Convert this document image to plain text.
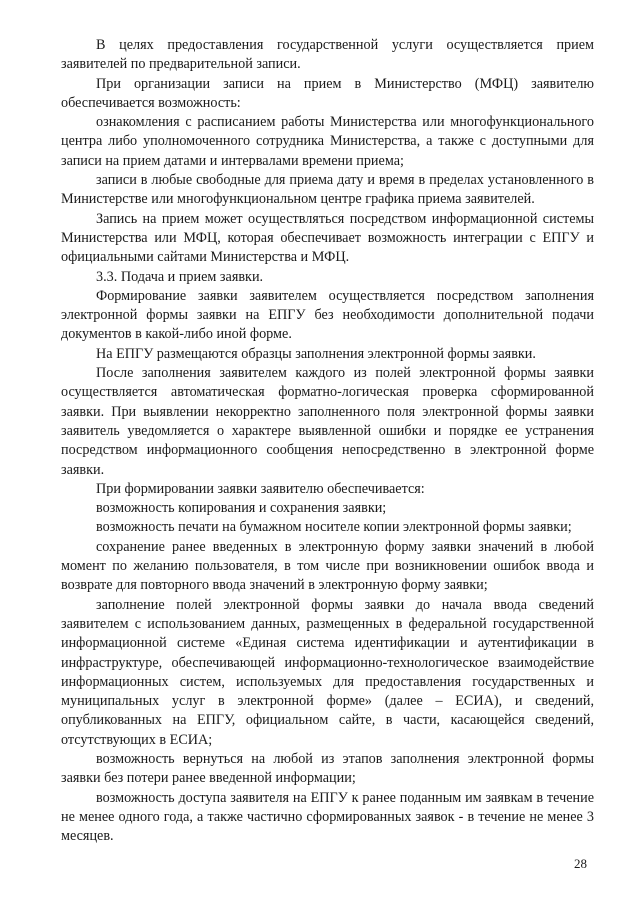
В целях предоставления государственной услуги осуществляется прием заявителей по предварительной записи.

При организации записи на прием в Министерство (МФЦ) заявителю обеспечивается возможность:

ознакомления с расписанием работы Министерства или многофункционального центра либо уполномоченного сотрудника Министерства, а также с доступными для записи на прием датами и интервалами времени приема;

записи в любые свободные для приема дату и время в пределах установленного в Министерстве или многофункциональном центре графика приема заявителей.

Запись на прием может осуществляться посредством информационной системы Министерства или МФЦ, которая обеспечивает возможность интеграции с ЕПГУ и официальными сайтами Министерства и МФЦ.

3.3. Подача и прием заявки.

Формирование заявки заявителем осуществляется посредством заполнения электронной формы заявки на ЕПГУ без необходимости дополнительной подачи документов в какой-либо иной форме.

На ЕПГУ размещаются образцы заполнения электронной формы заявки.

После заполнения заявителем каждого из полей электронной формы заявки осуществляется автоматическая форматно-логическая проверка сформированной заявки. При выявлении некорректно заполненного поля электронной формы заявки заявитель уведомляется о характере выявленной ошибки и порядке ее устранения посредством информационного сообщения непосредственно в электронной форме заявки.

При формировании заявки заявителю обеспечивается:

возможность копирования и сохранения заявки;

возможность печати на бумажном носителе копии электронной формы заявки;

сохранение ранее введенных в электронную форму заявки значений в любой момент по желанию пользователя, в том числе при возникновении ошибок ввода и возврате для повторного ввода значений в электронную форму заявки;

заполнение полей электронной формы заявки до начала ввода сведений заявителем с использованием данных, размещенных в федеральной государственной информационной системе «Единая система идентификации и аутентификации в инфраструктуре, обеспечивающей информационно-технологическое взаимодействие информационных систем, используемых для предоставления государственных и муниципальных услуг в электронной форме» (далее – ЕСИА), и сведений, опубликованных на ЕПГУ, официальном сайте, в части, касающейся сведений, отсутствующих в ЕСИА;

возможность вернуться на любой из этапов заполнения электронной формы заявки без потери ранее введенной информации;

возможность доступа заявителя на ЕПГУ к ранее поданным им заявкам в течение не менее одного года, а также частично сформированных заявок - в течение не менее 3 месяцев.

28
